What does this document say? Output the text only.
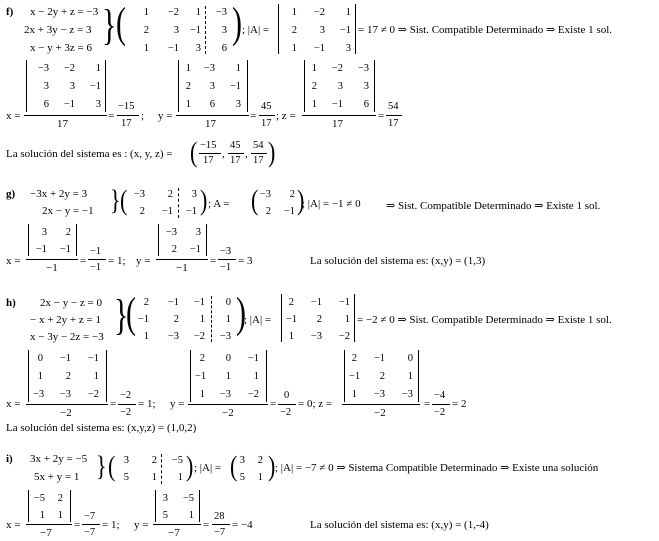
f) x − 2y + z = −3
2x + 3y − z = 3
x − y + 3z = 6 } (	1	−2	1	−3
2	3	−1	3
1	−1	3	6
) ; |A| =
1	−2	1
2	3	−1
1	−1	3
= 17 ≠ 0 ⇒ Sist. Compatible Determinado ⇒ Existe 1 sol.
x =
−3	−2	1
3	3	−1
6	−1	3
17
=
−15
17
; y =
1	−3	1
2	3	−1
1	6	3
17
=
45
17
; z =
1	−2	−3
2	3	3
1	−1	6
17
=
54
17
La solución del sistema es : (x, y, z) = ( −15
17
,
45
17
,
54
17 )
g) −3x + 2y = 3
2x − y = −1 } ( −3	2	3
2	−1	−1 ) ; A = ( −3	2
2	−1 )
; |A| = −1 ≠ 0 ⇒ Sist. Compatible Determinado ⇒ Existe 1 sol.
x =
3	2
−1	−1
−1
=
−1
−1
= 1; y =
−3	3
2	−1
−1
=
−3
−1
= 3	La solución del sistema es: (x,y) = (1,3)
h) 2x − y − z = 0
− x + 2y + z = 1
x − 3y − 2z = −3 }
( 2	−1	−1	0
−1	2	1	1
1	−3	−2	−3 )
; |A| =
2	−1	−1
−1	2	1
1	−3	−2
= −2 ≠ 0 ⇒ Sist. Compatible Determinado ⇒ Existe 1 sol.
x =
0	−1	−1
1	2	1
−3	−3	−2
−2
=
−2
−2
= 1; y =
2	0	−1
−1	1	1
1	−3	−2
−2
=
0
−2
= 0; z =
2	−1	0
−1	2	1
1	−3	−3
−2
=
−4
−2
= 2
La solución del sistema es: (x,y,z) = (1,0,2)
i) 3x + 2y = −5
5x + y = 1 } ( 3	2	−5
5	1	1 ) ; |A| = ( 3	2
5	1 ) ; |A| = −7 ≠ 0 ⇒ Sistema Compatible Determinado ⇒ Existe una solución
x =
−5	2
1	1
−7
=
−7
−7
= 1; y =
3	−5
5	1
−7
=
28
−7
= −4	La solución del sistema es: (x,y) = (1,-4)
